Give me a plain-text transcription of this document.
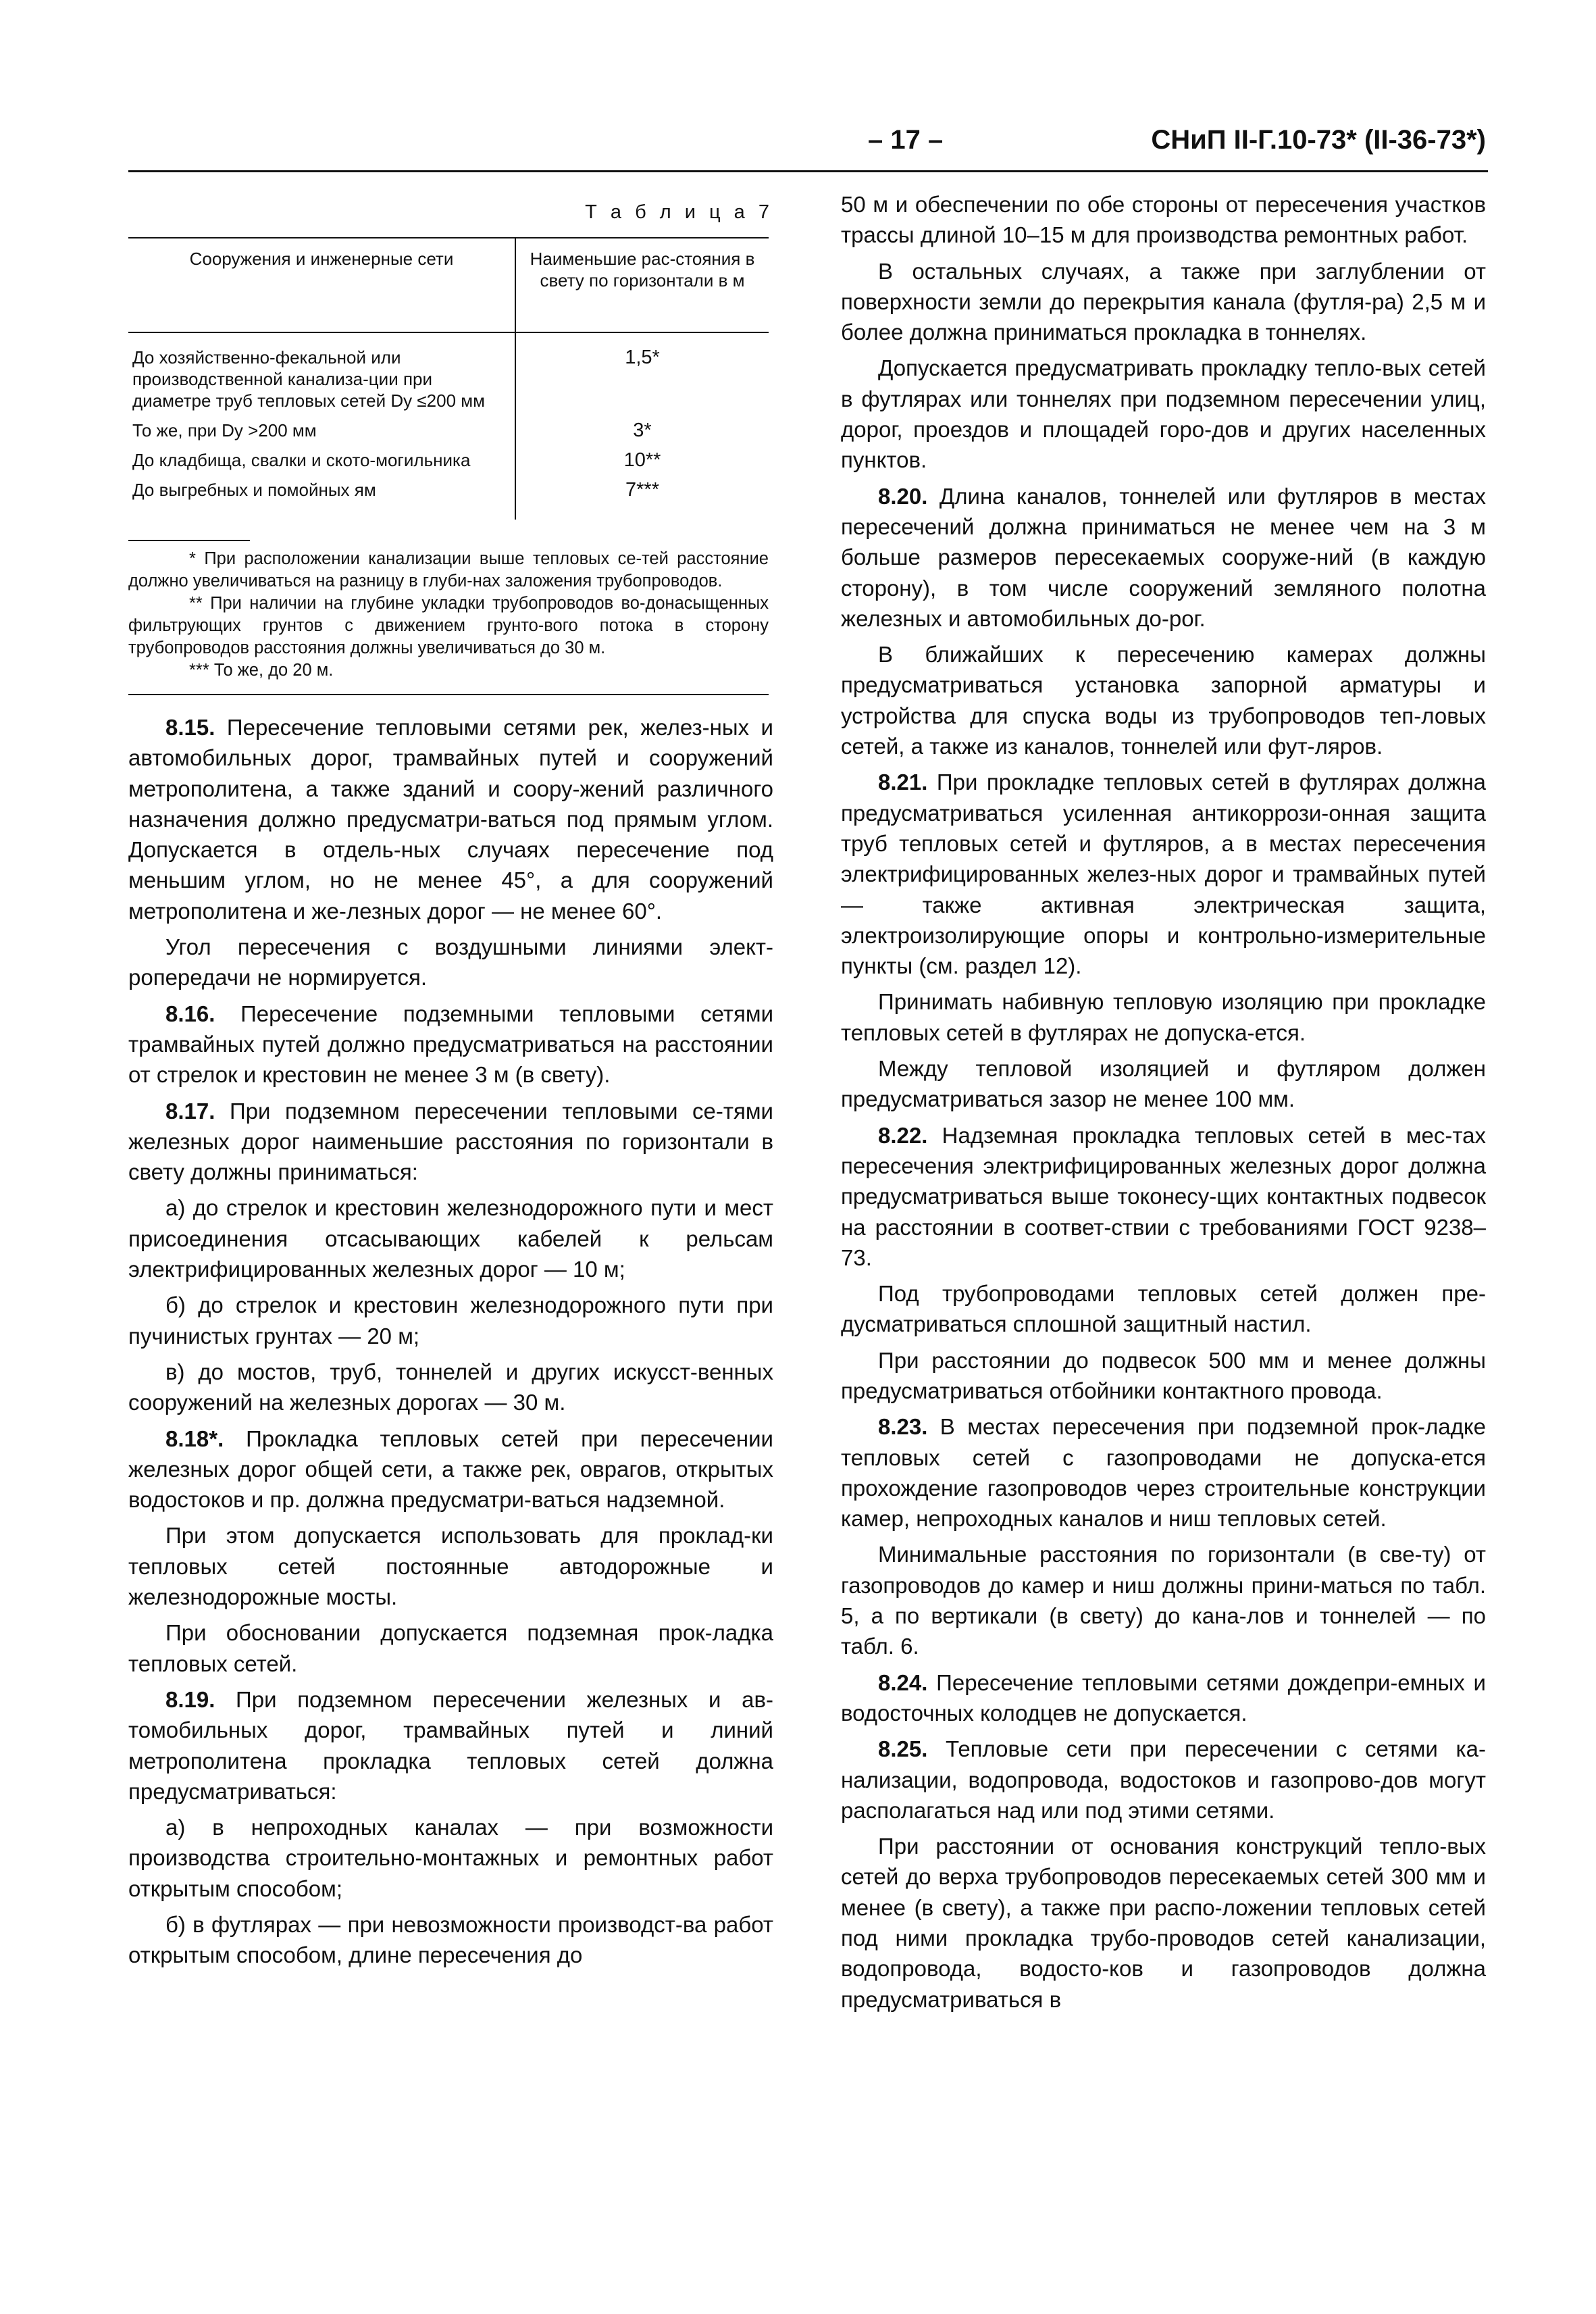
– 17 –	СНиП II-Г.10-73* (II-36-73*)
Т а б л и ц а 7
Сооружения и инженерные сети	Наименьшие рас-стояния в свету по горизонтали в м
До хозяйственно-фекальной или производственной канализа-ции при диаметре труб тепловых сетей Dy ≤200 мм	1,5*
То же, при Dy >200 мм	3*
До кладбища, свалки и ското-могильника	10**
До выгребных и помойных ям	7***

* При расположении канализации выше тепловых се-тей расстояние должно увеличиваться на разницу в глуби-нах заложения трубопроводов.

** При наличии на глубине укладки трубопроводов во-донасыщенных фильтрующих грунтов с движением грунто-вого потока в сторону трубопроводов расстояния должны увеличиваться до 30 м.

*** То же, до 20 м.

8.15. Пересечение тепловыми сетями рек, желез-ных и автомобильных дорог, трамвайных путей и сооружений метрополитена, а также зданий и соору-жений различного назначения должно предусматри-ваться под прямым углом. Допускается в отдель-ных случаях пересечение под меньшим углом, но не менее 45°, а для сооружений метрополитена и же-лезных дорог — не менее 60°.

Угол пересечения с воздушными линиями элект-ропередачи не нормируется.

8.16. Пересечение подземными тепловыми сетями трамвайных путей должно предусматриваться на расстоянии от стрелок и крестовин не менее 3 м (в свету).

8.17. При подземном пересечении тепловыми се-тями железных дорог наименьшие расстояния по горизонтали в свету должны приниматься:

а) до стрелок и крестовин железнодорожного пути и мест присоединения отсасывающих кабелей к рельсам электрифицированных железных дорог — 10 м;

б) до стрелок и крестовин железнодорожного пути при пучинистых грунтах — 20 м;

в) до мостов, труб, тоннелей и других искусст-венных сооружений на железных дорогах — 30 м.

8.18*. Прокладка тепловых сетей при пересечении железных дорог общей сети, а также рек, оврагов, открытых водостоков и пр. должна предусматри-ваться надземной.

При этом допускается использовать для проклад-ки тепловых сетей постоянные автодорожные и железнодорожные мосты.

При обосновании допускается подземная прок-ладка тепловых сетей.

8.19. При подземном пересечении железных и ав-томобильных дорог, трамвайных путей и линий метрополитена прокладка тепловых сетей должна предусматриваться:

а) в непроходных каналах — при возможности производства строительно-монтажных и ремонтных работ открытым способом;

б) в футлярах — при невозможности производст-ва работ открытым способом, длине пересечения до

50 м и обеспечении по обе стороны от пересечения участков трассы длиной 10–15 м для производства ремонтных работ.

В остальных случаях, а также при заглублении от поверхности земли до перекрытия канала (футля-ра) 2,5 м и более должна приниматься прокладка в тоннелях.

Допускается предусматривать прокладку тепло-вых сетей в футлярах или тоннелях при подземном пересечении улиц, дорог, проездов и площадей горо-дов и других населенных пунктов.

8.20. Длина каналов, тоннелей или футляров в местах пересечений должна приниматься не менее чем на 3 м больше размеров пересекаемых сооруже-ний (в каждую сторону), в том числе сооружений земляного полотна железных и автомобильных до-рог.

В ближайших к пересечению камерах должны предусматриваться установка запорной арматуры и устройства для спуска воды из трубопроводов теп-ловых сетей, а также из каналов, тоннелей или фут-ляров.

8.21. При прокладке тепловых сетей в футлярах должна предусматриваться усиленная антикоррози-онная защита труб тепловых сетей и футляров, а в местах пересечения электрифицированных желез-ных дорог и трамвайных путей — также активная электрическая защита, электроизолирующие опоры и контрольно-измерительные пункты (см. раздел 12).

Принимать набивную тепловую изоляцию при прокладке тепловых сетей в футлярах не допуска-ется.

Между тепловой изоляцией и футляром должен предусматриваться зазор не менее 100 мм.

8.22. Надземная прокладка тепловых сетей в мес-тах пересечения электрифицированных железных дорог должна предусматриваться выше токонесу-щих контактных подвесок на расстоянии в соответ-ствии с требованиями ГОСТ 9238–73.

Под трубопроводами тепловых сетей должен пре-дусматриваться сплошной защитный настил.

При расстоянии до подвесок 500 мм и менее должны предусматриваться отбойники контактного провода.

8.23. В местах пересечения при подземной прок-ладке тепловых сетей с газопроводами не допуска-ется прохождение газопроводов через строительные конструкции камер, непроходных каналов и ниш тепловых сетей.

Минимальные расстояния по горизонтали (в све-ту) от газопроводов до камер и ниш должны прини-маться по табл. 5, а по вертикали (в свету) до кана-лов и тоннелей — по табл. 6.

8.24. Пересечение тепловыми сетями дождепри-емных и водосточных колодцев не допускается.

8.25. Тепловые сети при пересечении с сетями ка-нализации, водопровода, водостоков и газопрово-дов могут располагаться над или под этими сетями.

При расстоянии от основания конструкций тепло-вых сетей до верха трубопроводов пересекаемых сетей 300 мм и менее (в свету), а также при распо-ложении тепловых сетей под ними прокладка трубо-проводов сетей канализации, водопровода, водосто-ков и газопроводов должна предусматриваться в
